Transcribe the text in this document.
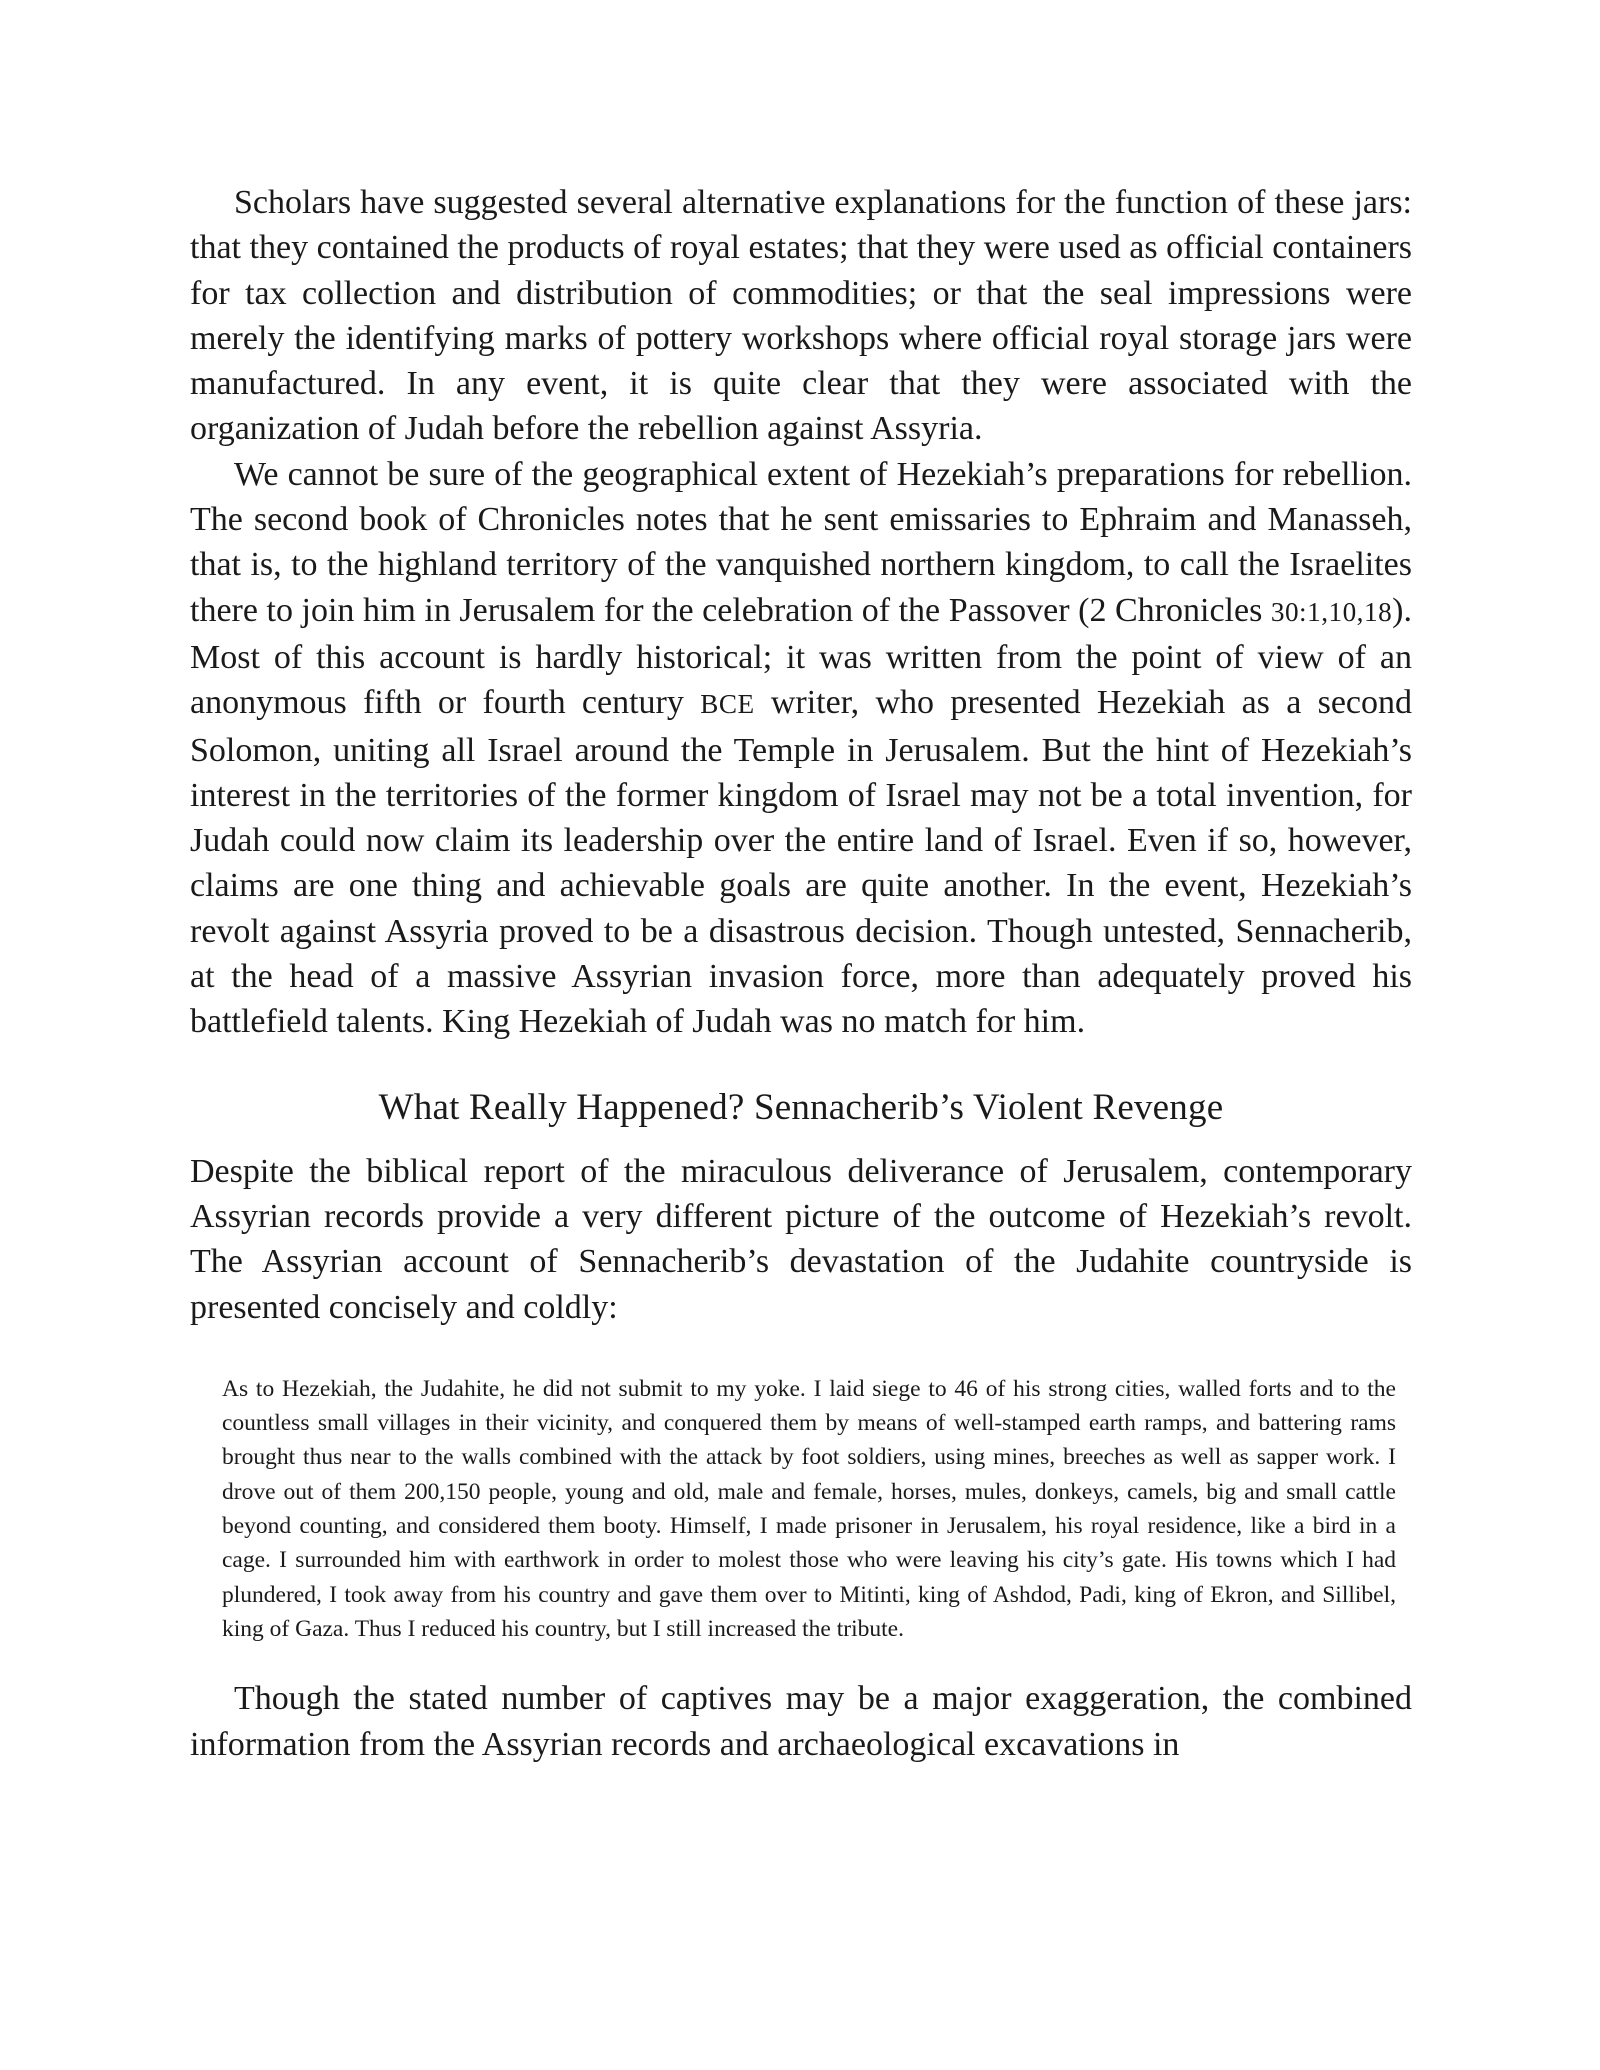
Scholars have suggested several alternative explanations for the function of these jars: that they contained the products of royal estates; that they were used as official containers for tax collection and distribution of commodities; or that the seal impressions were merely the identifying marks of pottery workshops where official royal storage jars were manufactured. In any event, it is quite clear that they were associated with the organization of Judah before the rebellion against Assyria.

We cannot be sure of the geographical extent of Hezekiah’s preparations for rebellion. The second book of Chronicles notes that he sent emissaries to Ephraim and Manasseh, that is, to the highland territory of the vanquished northern kingdom, to call the Israelites there to join him in Jerusalem for the celebration of the Passover (2 Chronicles 30:1,10,18). Most of this account is hardly historical; it was written from the point of view of an anonymous fifth or fourth century BCE writer, who presented Hezekiah as a second Solomon, uniting all Israel around the Temple in Jerusalem. But the hint of Hezekiah’s interest in the territories of the former kingdom of Israel may not be a total invention, for Judah could now claim its leadership over the entire land of Israel. Even if so, however, claims are one thing and achievable goals are quite another. In the event, Hezekiah’s revolt against Assyria proved to be a disastrous decision. Though untested, Sennacherib, at the head of a massive Assyrian invasion force, more than adequately proved his battlefield talents. King Hezekiah of Judah was no match for him.

What Really Happened? Sennacherib’s Violent Revenge

Despite the biblical report of the miraculous deliverance of Jerusalem, contemporary Assyrian records provide a very different picture of the outcome of Hezekiah’s revolt. The Assyrian account of Sennacherib’s devastation of the Judahite countryside is presented concisely and coldly:

As to Hezekiah, the Judahite, he did not submit to my yoke. I laid siege to 46 of his strong cities, walled forts and to the countless small villages in their vicinity, and conquered them by means of well-stamped earth ramps, and battering rams brought thus near to the walls combined with the attack by foot soldiers, using mines, breeches as well as sapper work. I drove out of them 200,150 people, young and old, male and female, horses, mules, donkeys, camels, big and small cattle beyond counting, and considered them booty. Himself, I made prisoner in Jerusalem, his royal residence, like a bird in a cage. I surrounded him with earthwork in order to molest those who were leaving his city’s gate. His towns which I had plundered, I took away from his country and gave them over to Mitinti, king of Ashdod, Padi, king of Ekron, and Sillibel, king of Gaza. Thus I reduced his country, but I still increased the tribute.

Though the stated number of captives may be a major exaggeration, the combined information from the Assyrian records and archaeological excavations in
